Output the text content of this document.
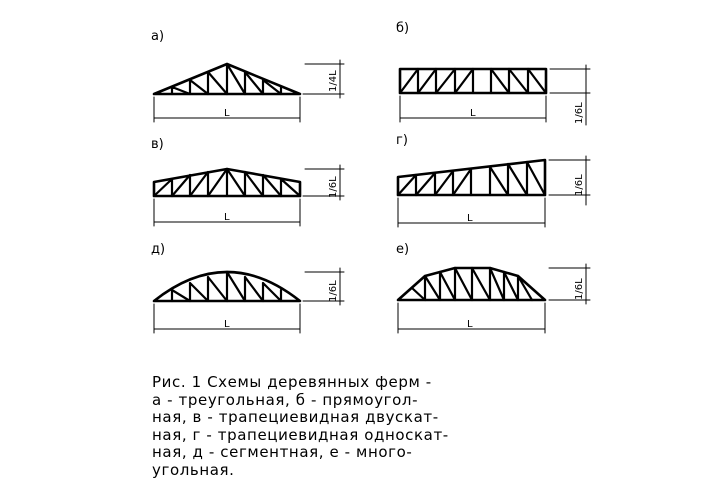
а)
б)
в)	г)
д)	е)
L	L
L	L
L	L
1/4L
1/6L
1/6L	1/6L
1/6L	1/6L
Рис. 1 Схемы деревянных ферм -
а - треугольная, б - прямоугол-
ная, в - трапециевидная двускат-
ная, г - трапециевидная односкат-
ная, д - сегментная, е - много-
угольная.
